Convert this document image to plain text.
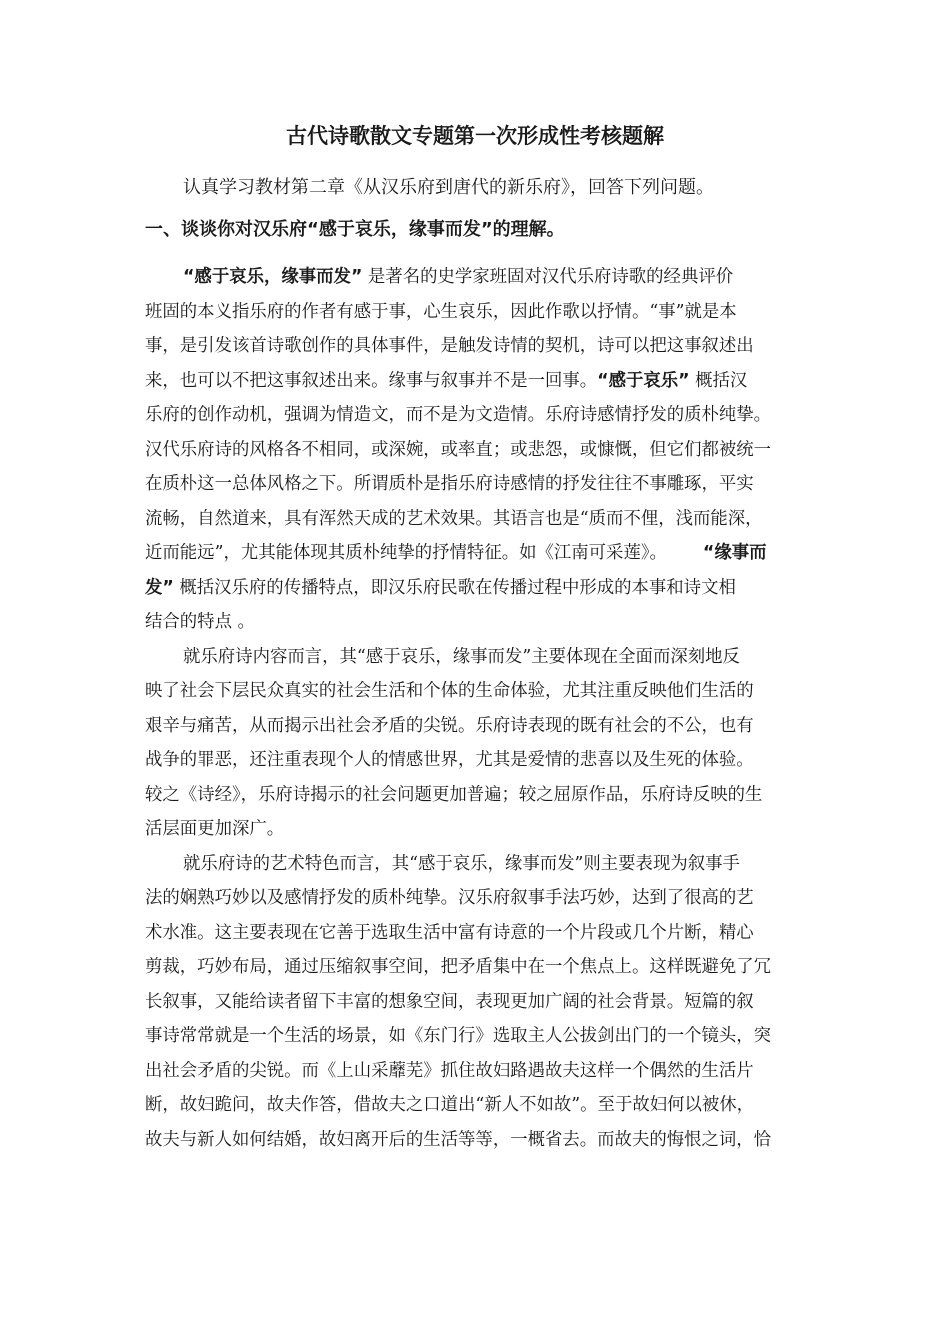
古代诗歌散文专题第一次形成性考核题解
认真学习教材第二章《从汉乐府到唐代的新乐府》，回答下列问题。
一、谈谈你对汉乐府“感于哀乐，缘事而发”的理解。
“感于哀乐，缘事而发” 是著名的史学家班固对汉代乐府诗歌的经典评价
班固的本义指乐府的作者有感于事，心生哀乐，因此作歌以抒情。“事”就是本
事，是引发该首诗歌创作的具体事件，是触发诗情的契机，诗可以把这事叙述出
来，也可以不把这事叙述出来。缘事与叙事并不是一回事。“感于哀乐” 概括汉
乐府的创作动机，强调为情造文，而不是为文造情。乐府诗感情抒发的质朴纯挚。
汉代乐府诗的风格各不相同，或深婉，或率直；或悲怨，或慷慨，但它们都被统一
在质朴这一总体风格之下。所谓质朴是指乐府诗感情的抒发往往不事雕琢，平实
流畅，自然道来，具有浑然天成的艺术效果。其语言也是“质而不俚，浅而能深，
近而能远”，尤其能体现其质朴纯挚的抒情特征。如《江南可采莲》。 “缘事而
发” 概括汉乐府的传播特点，即汉乐府民歌在传播过程中形成的本事和诗文相
结合的特点 。
就乐府诗内容而言，其“感于哀乐，缘事而发”主要体现在全面而深刻地反
映了社会下层民众真实的社会生活和个体的生命体验，尤其注重反映他们生活的
艰辛与痛苦，从而揭示出社会矛盾的尖锐。乐府诗表现的既有社会的不公，也有
战争的罪恶，还注重表现个人的情感世界，尤其是爱情的悲喜以及生死的体验。
较之《诗经》，乐府诗揭示的社会问题更加普遍；较之屈原作品，乐府诗反映的生
活层面更加深广。
就乐府诗的艺术特色而言，其“感于哀乐，缘事而发”则主要表现为叙事手
法的娴熟巧妙以及感情抒发的质朴纯挚。汉乐府叙事手法巧妙，达到了很高的艺
术水准。这主要表现在它善于选取生活中富有诗意的一个片段或几个片断，精心
剪裁，巧妙布局，通过压缩叙事空间，把矛盾集中在一个焦点上。这样既避免了冗
长叙事，又能给读者留下丰富的想象空间，表现更加广阔的社会背景。短篇的叙
事诗常常就是一个生活的场景，如《东门行》选取主人公拔剑出门的一个镜头，突
出社会矛盾的尖锐。而《上山采蘼芜》抓住故妇路遇故夫这样一个偶然的生活片
断，故妇跪问，故夫作答，借故夫之口道出“新人不如故”。至于故妇何以被休，
故夫与新人如何结婚，故妇离开后的生活等等，一概省去。而故夫的悔恨之词，恰
